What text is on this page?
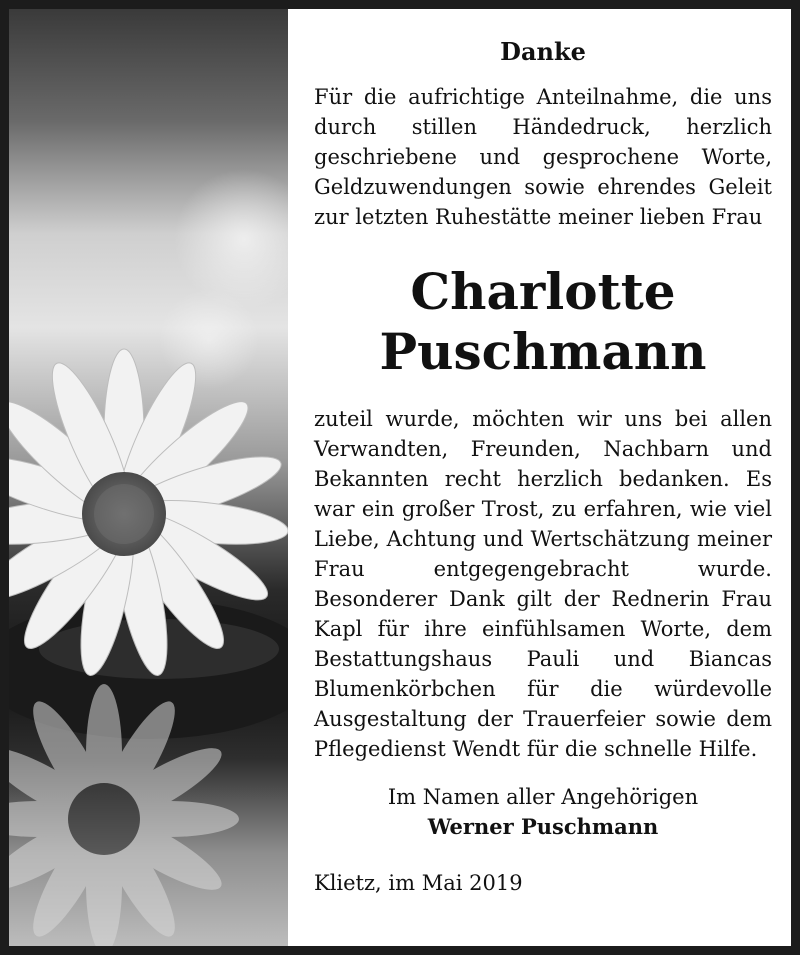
Danke

Für die aufrichtige Anteilnahme, die uns durch stillen Händedruck, herzlich geschriebene und gesprochene Worte, Geldzuwendungen sowie ehrendes Geleit zur letzten Ruhestätte meiner lieben Frau

Charlotte
Puschmann

zuteil wurde, möchten wir uns bei allen Verwandten, Freunden, Nachbarn und Bekannten recht herzlich bedanken. Es war ein großer Trost, zu erfahren, wie viel Liebe, Achtung und Wertschätzung meiner Frau entgegengebracht wurde. Besonderer Dank gilt der Rednerin Frau Kapl für ihre einfühlsamen Worte, dem Bestattungshaus Pauli und Biancas Blumenkörbchen für die würdevolle Ausgestaltung der Trauerfeier sowie dem Pflegedienst Wendt für die schnelle Hilfe.

Im Namen aller Angehörigen
Werner Puschmann
Klietz, im Mai 2019
